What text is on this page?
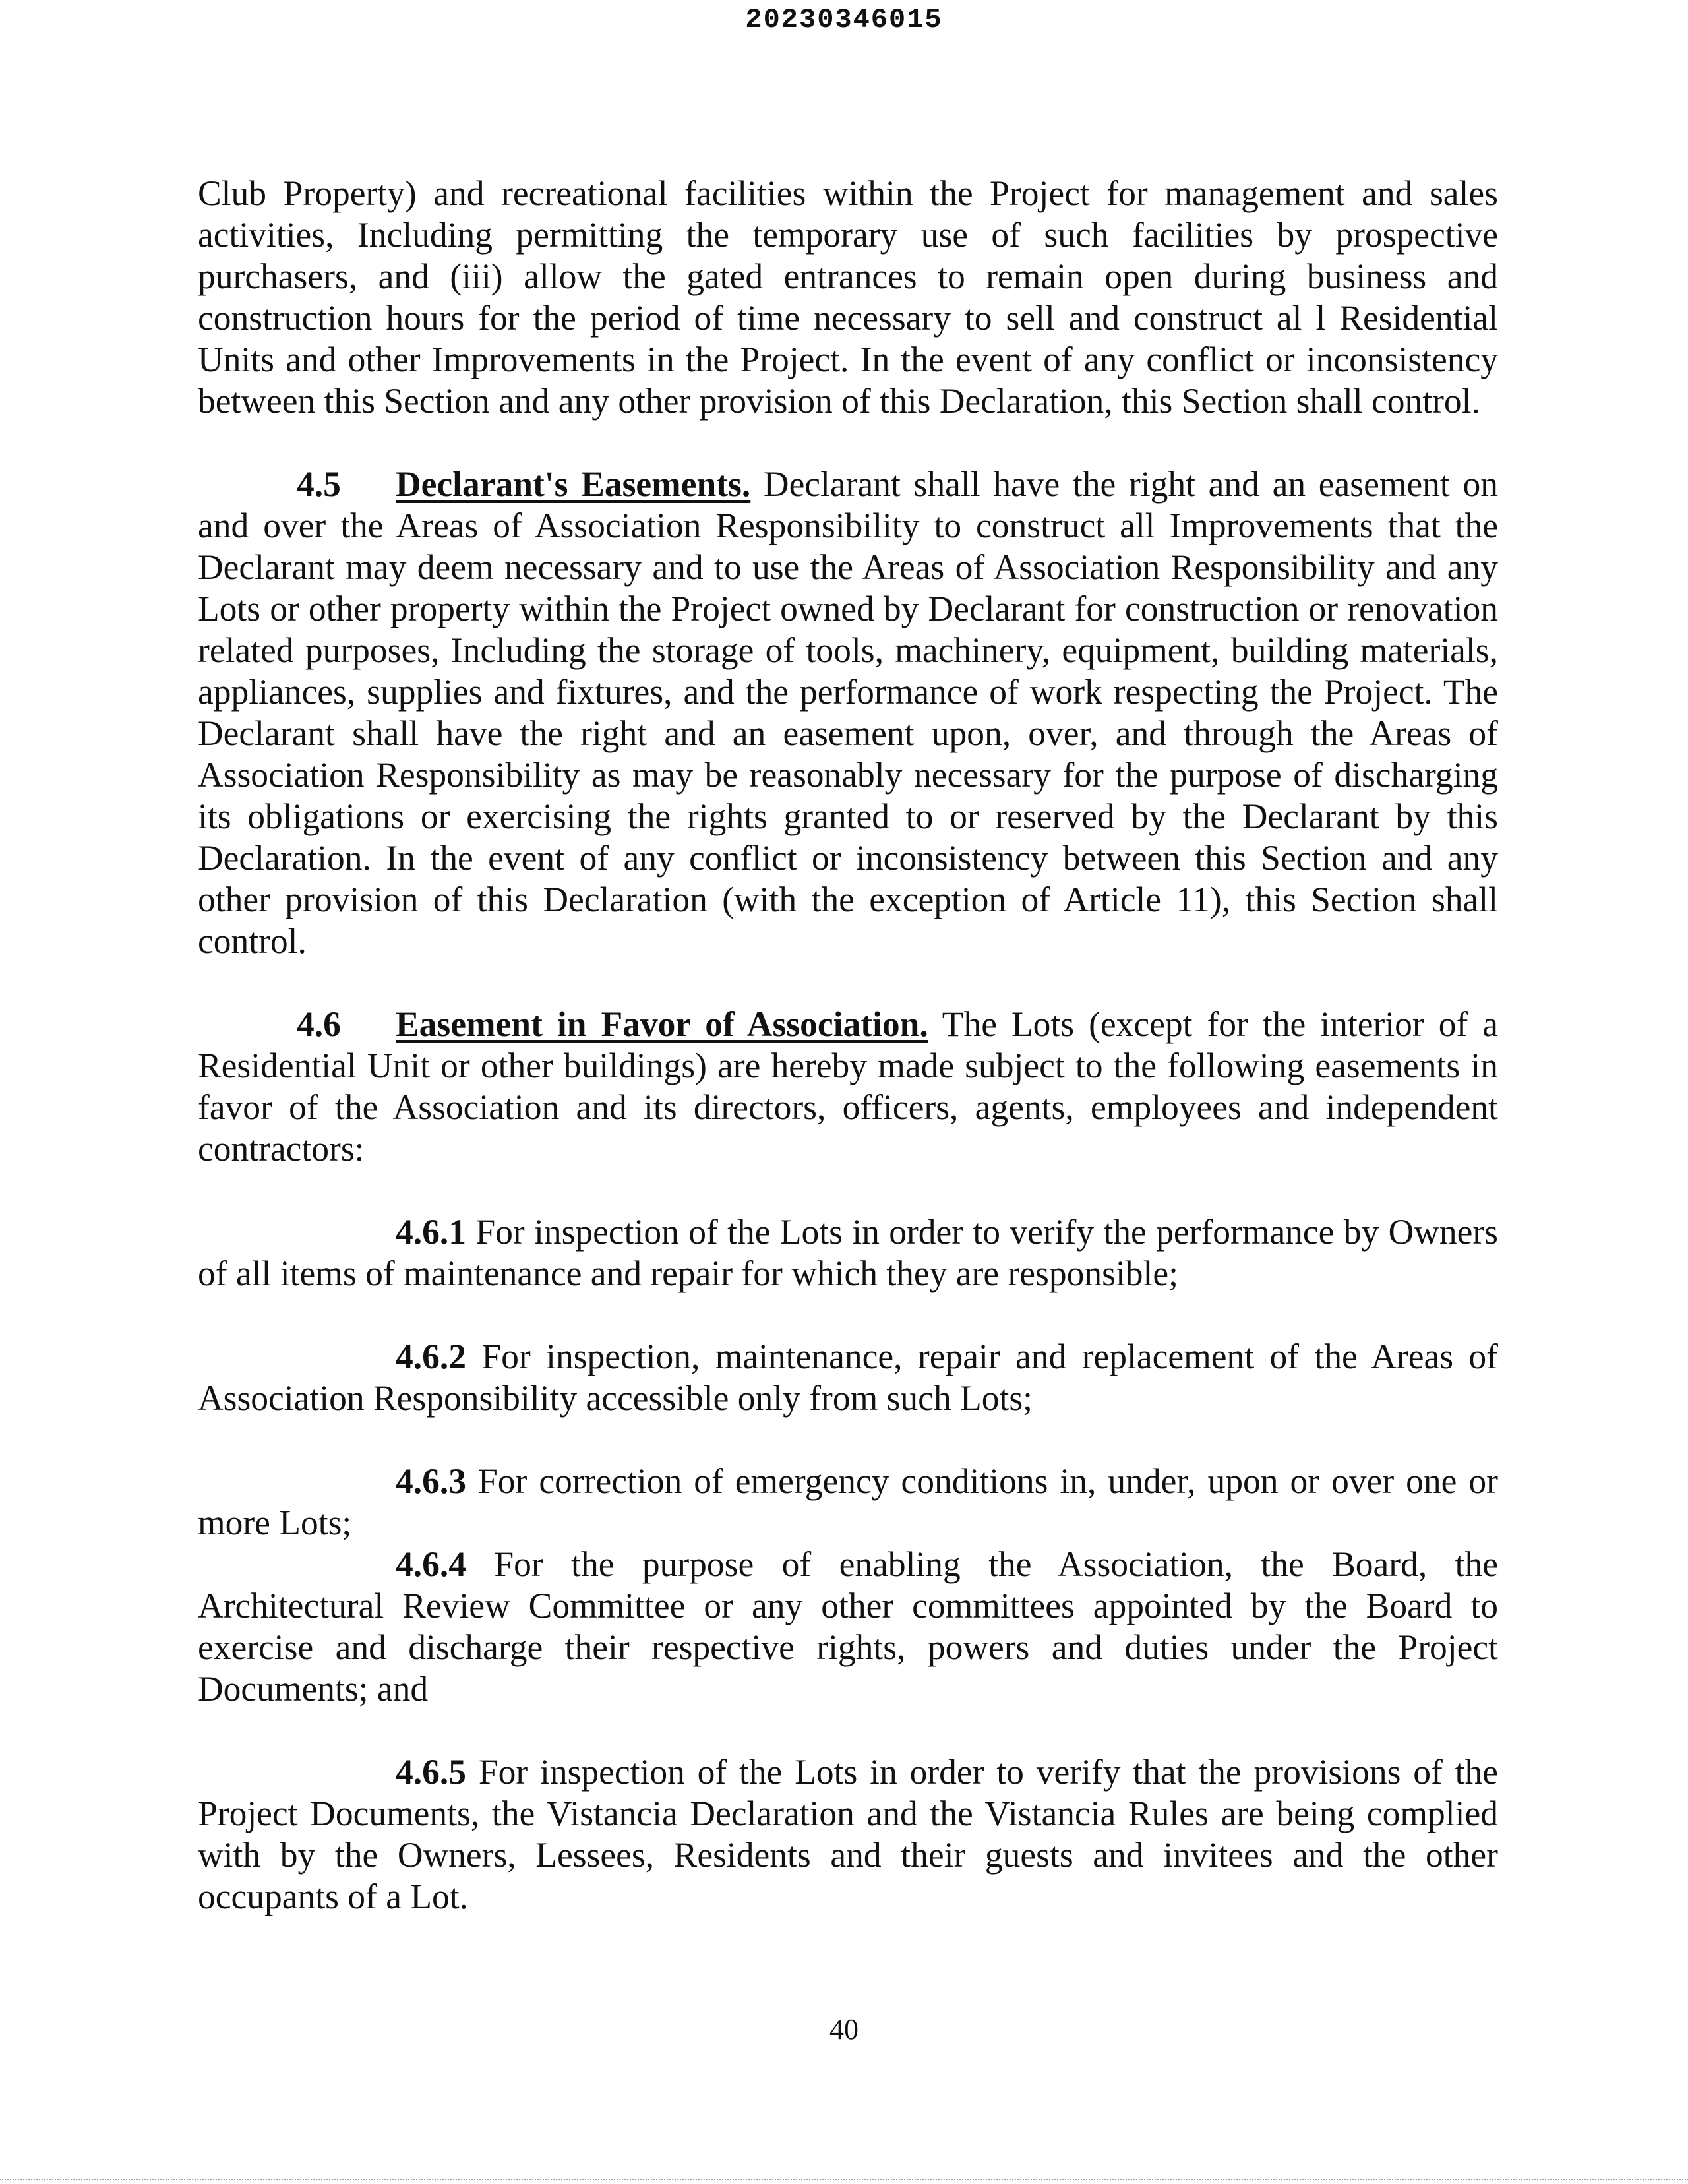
20230346015

Club Property) and recreational facilities within the Project for management and sales activities, Including permitting the temporary use of such facilities by prospective purchasers, and (iii) allow the gated entrances to remain open during business and construction hours for the period of time necessary to sell and construct al l Residential Units and other Improvements in the Project. In the event of any conflict or inconsistency between this Section and any other provision of this Declaration, this Section shall control.

4.5 Declarant's Easements. Declarant shall have the right and an easement on and over the Areas of Association Responsibility to construct all Improvements that the Declarant may deem necessary and to use the Areas of Association Responsibility and any Lots or other property within the Project owned by Declarant for construction or renovation related purposes, Including the storage of tools, machinery, equipment, building materials, appliances, supplies and fixtures, and the performance of work respecting the Project. The Declarant shall have the right and an easement upon, over, and through the Areas of Association Responsibility as may be reasonably necessary for the purpose of discharging its obligations or exercising the rights granted to or reserved by the Declarant by this Declaration. In the event of any conflict or inconsistency between this Section and any other provision of this Declaration (with the exception of Article 11), this Section shall control.

4.6 Easement in Favor of Association. The Lots (except for the interior of a Residential Unit or other buildings) are hereby made subject to the following easements in favor of the Association and its directors, officers, agents, employees and independent contractors:

4.6.1 For inspection of the Lots in order to verify the performance by Owners of all items of maintenance and repair for which they are responsible;

4.6.2 For inspection, maintenance, repair and replacement of the Areas of Association Responsibility accessible only from such Lots;

4.6.3 For correction of emergency conditions in, under, upon or over one or more Lots;

4.6.4 For the purpose of enabling the Association, the Board, the Architectural Review Committee or any other committees appointed by the Board to exercise and discharge their respective rights, powers and duties under the Project Documents; and

4.6.5 For inspection of the Lots in order to verify that the provisions of the Project Documents, the Vistancia Declaration and the Vistancia Rules are being complied with by the Owners, Lessees, Residents and their guests and invitees and the other occupants of a Lot.

40
